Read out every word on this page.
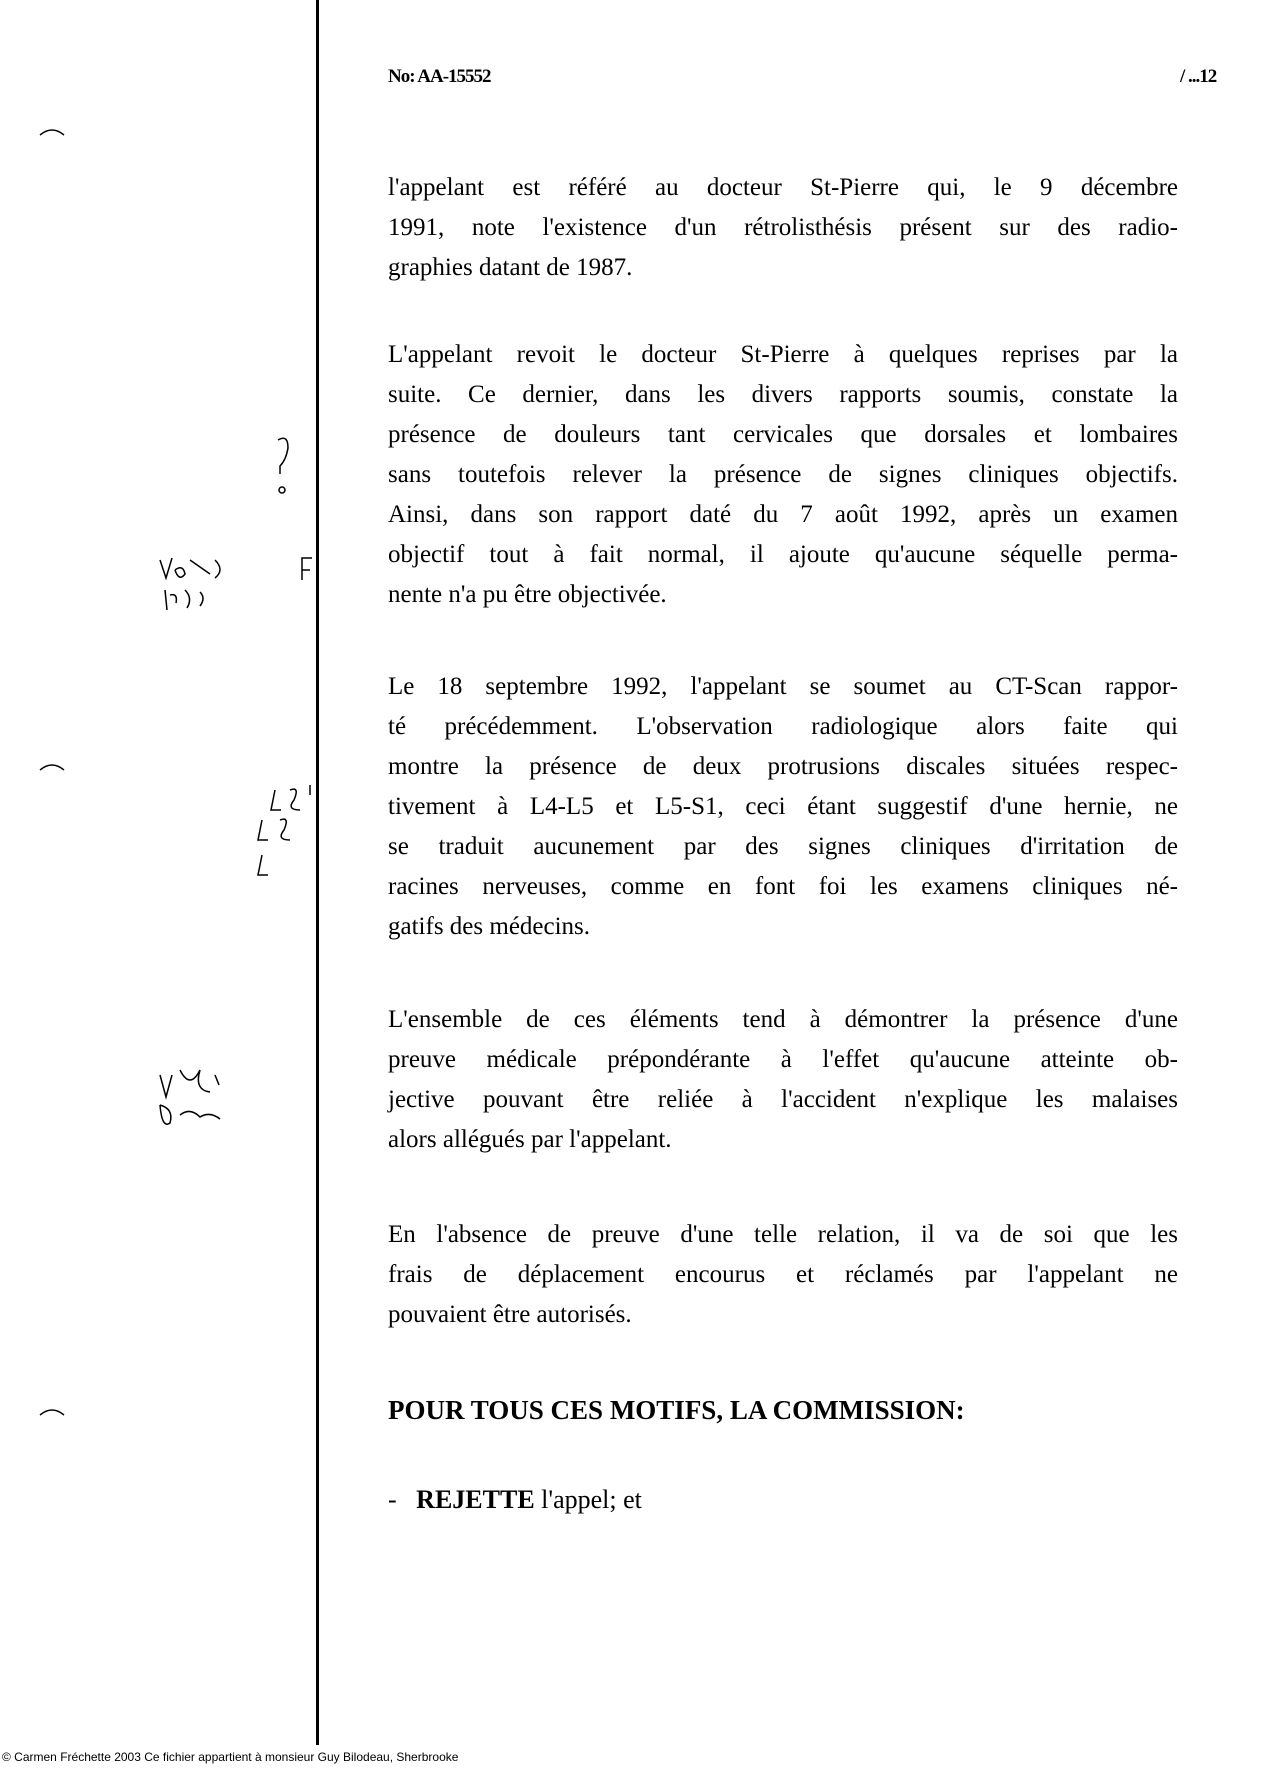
No: AA-15552	/ ...12
l'appelant est référé au docteur St-Pierre qui, le 9 décembre
1991, note l'existence d'un rétrolisthésis présent sur des radio-
graphies datant de 1987.
L'appelant revoit le docteur St-Pierre à quelques reprises par la
suite. Ce dernier, dans les divers rapports soumis, constate la
présence de douleurs tant cervicales que dorsales et lombaires
sans toutefois relever la présence de signes cliniques objectifs.
Ainsi, dans son rapport daté du 7 août 1992, après un examen
objectif tout à fait normal, il ajoute qu'aucune séquelle perma-
nente n'a pu être objectivée.
Le 18 septembre 1992, l'appelant se soumet au CT-Scan rappor-
té précédemment. L'observation radiologique alors faite qui
montre la présence de deux protrusions discales situées respec-
tivement à L4-L5 et L5-S1, ceci étant suggestif d'une hernie, ne
se traduit aucunement par des signes cliniques d'irritation de
racines nerveuses, comme en font foi les examens cliniques né-
gatifs des médecins.
L'ensemble de ces éléments tend à démontrer la présence d'une
preuve médicale prépondérante à l'effet qu'aucune atteinte ob-
jective pouvant être reliée à l'accident n'explique les malaises
alors allégués par l'appelant.
En l'absence de preuve d'une telle relation, il va de soi que les
frais de déplacement encourus et réclamés par l'appelant ne
pouvaient être autorisés.
POUR TOUS CES MOTIFS, LA COMMISSION:
- REJETTE l'appel; et
© Carmen Fréchette 2003 Ce fichier appartient à monsieur Guy Bilodeau, Sherbrooke
